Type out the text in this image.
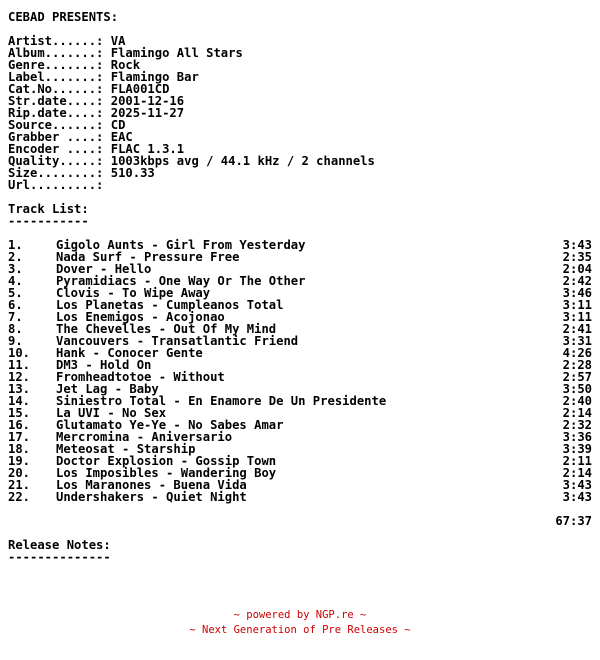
CEBAD PRESENTS:
Artist......: VA
Album.......: Flamingo All Stars
Genre.......: Rock
Label.......: Flamingo Bar
Cat.No......: FLA001CD
Str.date....: 2001-12-16
Rip.date....: 2025-11-27
Source......: CD
Grabber ....: EAC
Encoder ....: FLAC 1.3.1
Quality.....: 1003kbps avg / 44.1 kHz / 2 channels
Size........: 510.33
Url.........:
Track List:
-----------
1.	Gigolo Aunts - Girl From Yesterday	3:43
2.	Nada Surf - Pressure Free	2:35
3.	Dover - Hello	2:04
4.	Pyramidiacs - One Way Or The Other	2:42
5.	Clovis - To Wipe Away	3:46
6.	Los Planetas - Cumpleanos Total	3:11
7.	Los Enemigos - Acojonao	3:11
8.	The Chevelles - Out Of My Mind	2:41
9.	Vancouvers - Transatlantic Friend	3:31
10. Hank - Conocer Gente	4:26
11. DM3 - Hold On	2:28
12. Fromheadtotoe - Without	2:57
13. Jet Lag - Baby	3:50
14. Siniestro Total - En Enamore De Un Presidente	2:40
15. La UVI - No Sex	2:14
16. Glutamato Ye-Ye - No Sabes Amar	2:32
17. Mercromina - Aniversario	3:36
18. Meteosat - Starship	3:39
19. Doctor Explosion - Gossip Town	2:11
20. Los Imposibles - Wandering Boy	2:14
21. Los Maranones - Buena Vida	3:43
22. Undershakers - Quiet Night	3:43

67:37

Release Notes:
--------------
~ powered by NGP.re ~
~ Next Generation of Pre Releases ~
